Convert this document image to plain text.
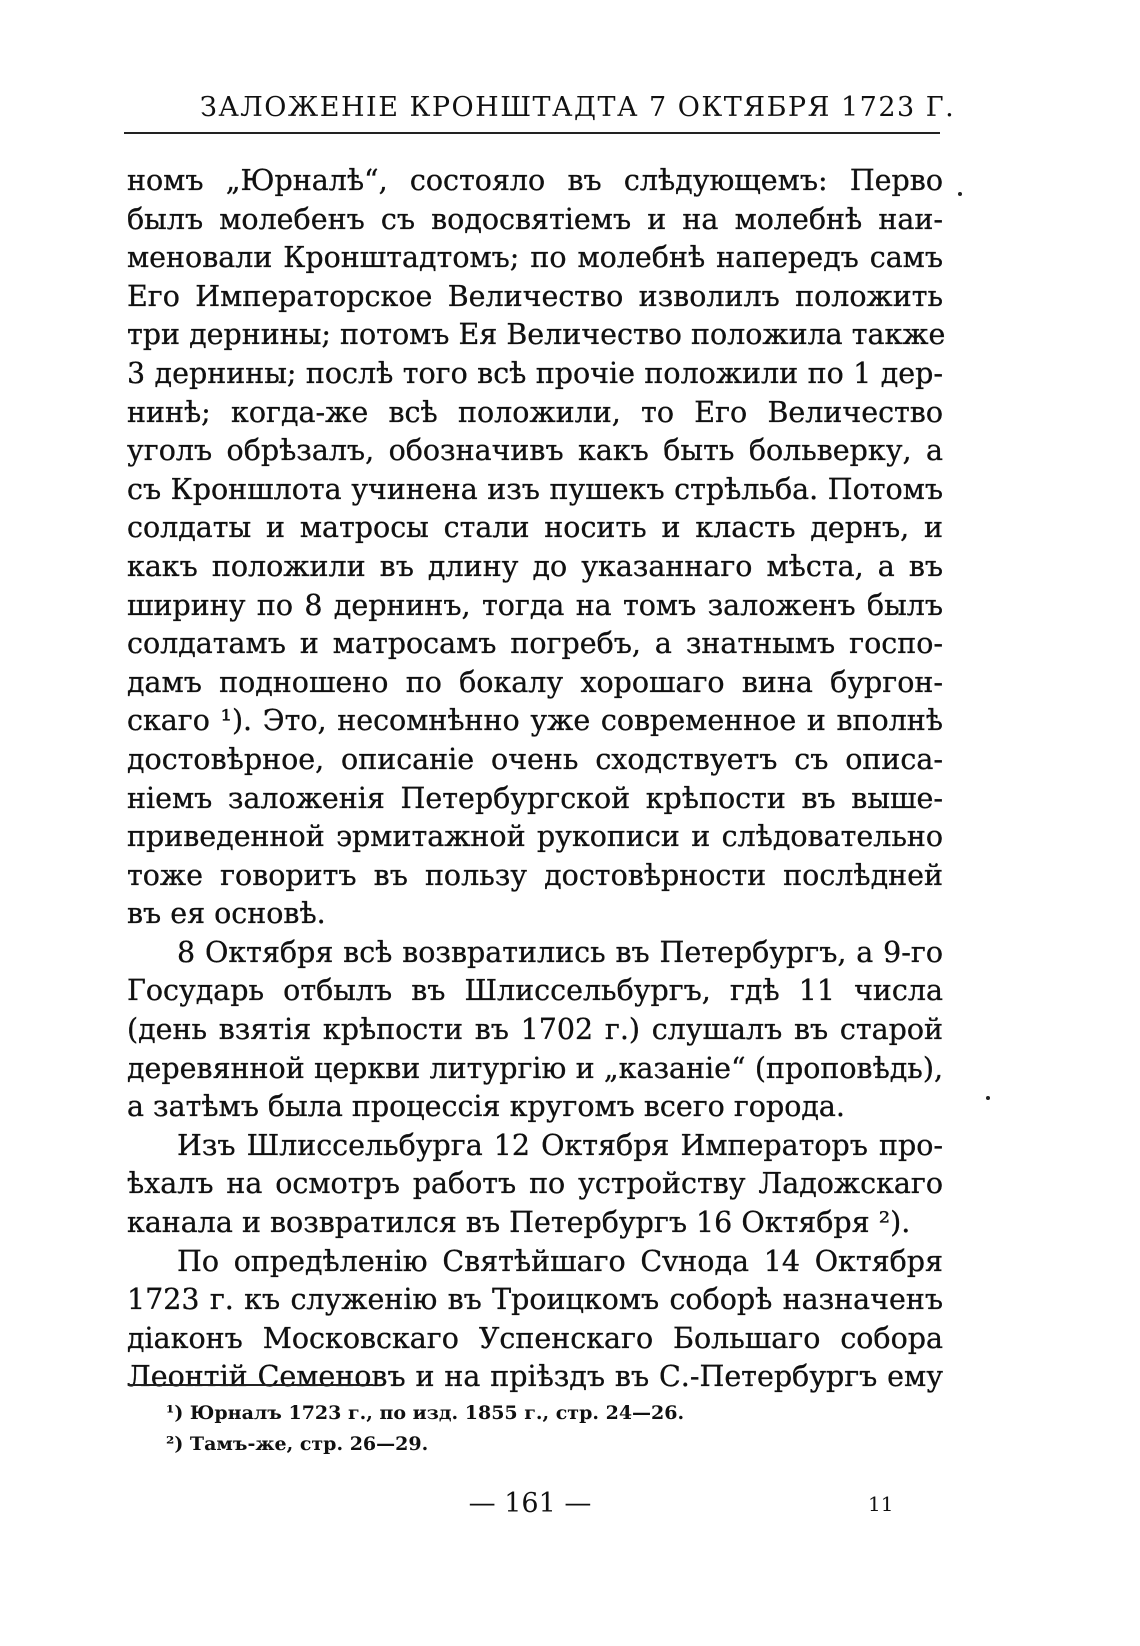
ЗАЛОЖЕНІЕ КРОНШТАДТА 7 ОКТЯБРЯ 1723 Г.
номъ „Юрналѣ“, состояло въ слѣдующемъ: Перво
былъ молебенъ съ водосвятіемъ и на молебнѣ наи-
меновали Кронштадтомъ; по молебнѣ напередъ самъ
Его Императорское Величество изволилъ положить
три дернины; потомъ Ея Величество положила также
3 дернины; послѣ того всѣ прочіе положили по 1 дер-
нинѣ; когда-же всѣ положили, то Его Величество
уголъ обрѣзалъ, обозначивъ какъ быть больверку, а
съ Кроншлота учинена изъ пушекъ стрѣльба. Потомъ
солдаты и матросы стали носить и класть дернъ, и
какъ положили въ длину до указаннаго мѣста, а въ
ширину по 8 дернинъ, тогда на томъ заложенъ былъ
солдатамъ и матросамъ погребъ, а знатнымъ госпо-
дамъ подношено по бокалу хорошаго вина бургон-
скаго ¹). Это, несомнѣнно уже современное и вполнѣ
достовѣрное, описаніе очень сходствуетъ съ описа-
ніемъ заложенія Петербургской крѣпости въ выше-
приведенной эрмитажной рукописи и слѣдовательно
тоже говоритъ въ пользу достовѣрности послѣдней
въ ея основѣ.
8 Октября всѣ возвратились въ Петербургъ, а 9-го
Государь отбылъ въ Шлиссельбургъ, гдѣ 11 числа
(день взятія крѣпости въ 1702 г.) слушалъ въ старой
деревянной церкви литургію и „казаніе“ (проповѣдь),
а затѣмъ была процессія кругомъ всего города.
Изъ Шлиссельбурга 12 Октября Императоръ про-
ѣхалъ на осмотръ работъ по устройству Ладожскаго
канала и возвратился въ Петербургъ 16 Октября ²).
По опредѣленію Святѣйшаго Сvнода 14 Октября
1723 г. къ служенію въ Троицкомъ соборѣ назначенъ
діаконъ Московскаго Успенскаго Большаго собора
Леонтій Семеновъ и на пріѣздъ въ С.-Петербургъ ему
¹) Юрналъ 1723 г., по изд. 1855 г., стр. 24—26.
²) Тамъ-же, стр. 26—29.
— 161 —	11
